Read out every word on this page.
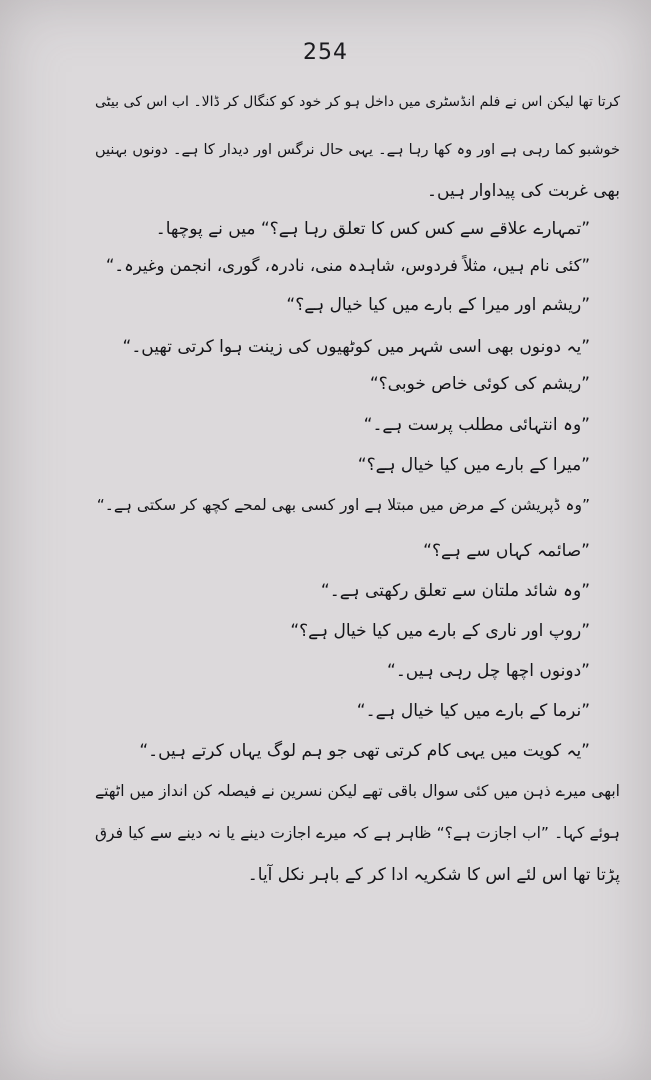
254
کرتا تھا لیکن اس نے فلم انڈسٹری میں داخل ہو کر خود کو کنگال کر ڈالا۔ اب اس کی بیٹی
خوشبو کما رہی ہے اور وہ کھا رہا ہے۔ یہی حال نرگس اور دیدار کا ہے۔ دونوں بہنیں
بھی غربت کی پیداوار ہیں۔
”تمہارے علاقے سے کس کس کا تعلق رہا ہے؟“ میں نے پوچھا۔
”کئی نام ہیں، مثلاً فردوس، شاہدہ منی، نادرہ، گوری، انجمن وغیرہ۔“
”ریشم اور میرا کے بارے میں کیا خیال ہے؟“
”یہ دونوں بھی اسی شہر میں کوٹھیوں کی زینت ہوا کرتی تھیں۔“
”ریشم کی کوئی خاص خوبی؟“
”وہ انتہائی مطلب پرست ہے۔“
”میرا کے بارے میں کیا خیال ہے؟“
”وہ ڈپریشن کے مرض میں مبتلا ہے اور کسی بھی لمحے کچھ کر سکتی ہے۔“
”صائمہ کہاں سے ہے؟“
”وہ شائد ملتان سے تعلق رکھتی ہے۔“
”روپ اور ناری کے بارے میں کیا خیال ہے؟“
”دونوں اچھا چل رہی ہیں۔“
”نرما کے بارے میں کیا خیال ہے۔“
”یہ کویت میں یہی کام کرتی تھی جو ہم لوگ یہاں کرتے ہیں۔“
ابھی میرے ذہن میں کئی سوال باقی تھے لیکن نسرین نے فیصلہ کن انداز میں اٹھتے
ہوئے کہا۔ ”اب اجازت ہے؟“ ظاہر ہے کہ میرے اجازت دینے یا نہ دینے سے کیا فرق
پڑتا تھا اس لئے اس کا شکریہ ادا کر کے باہر نکل آیا۔
